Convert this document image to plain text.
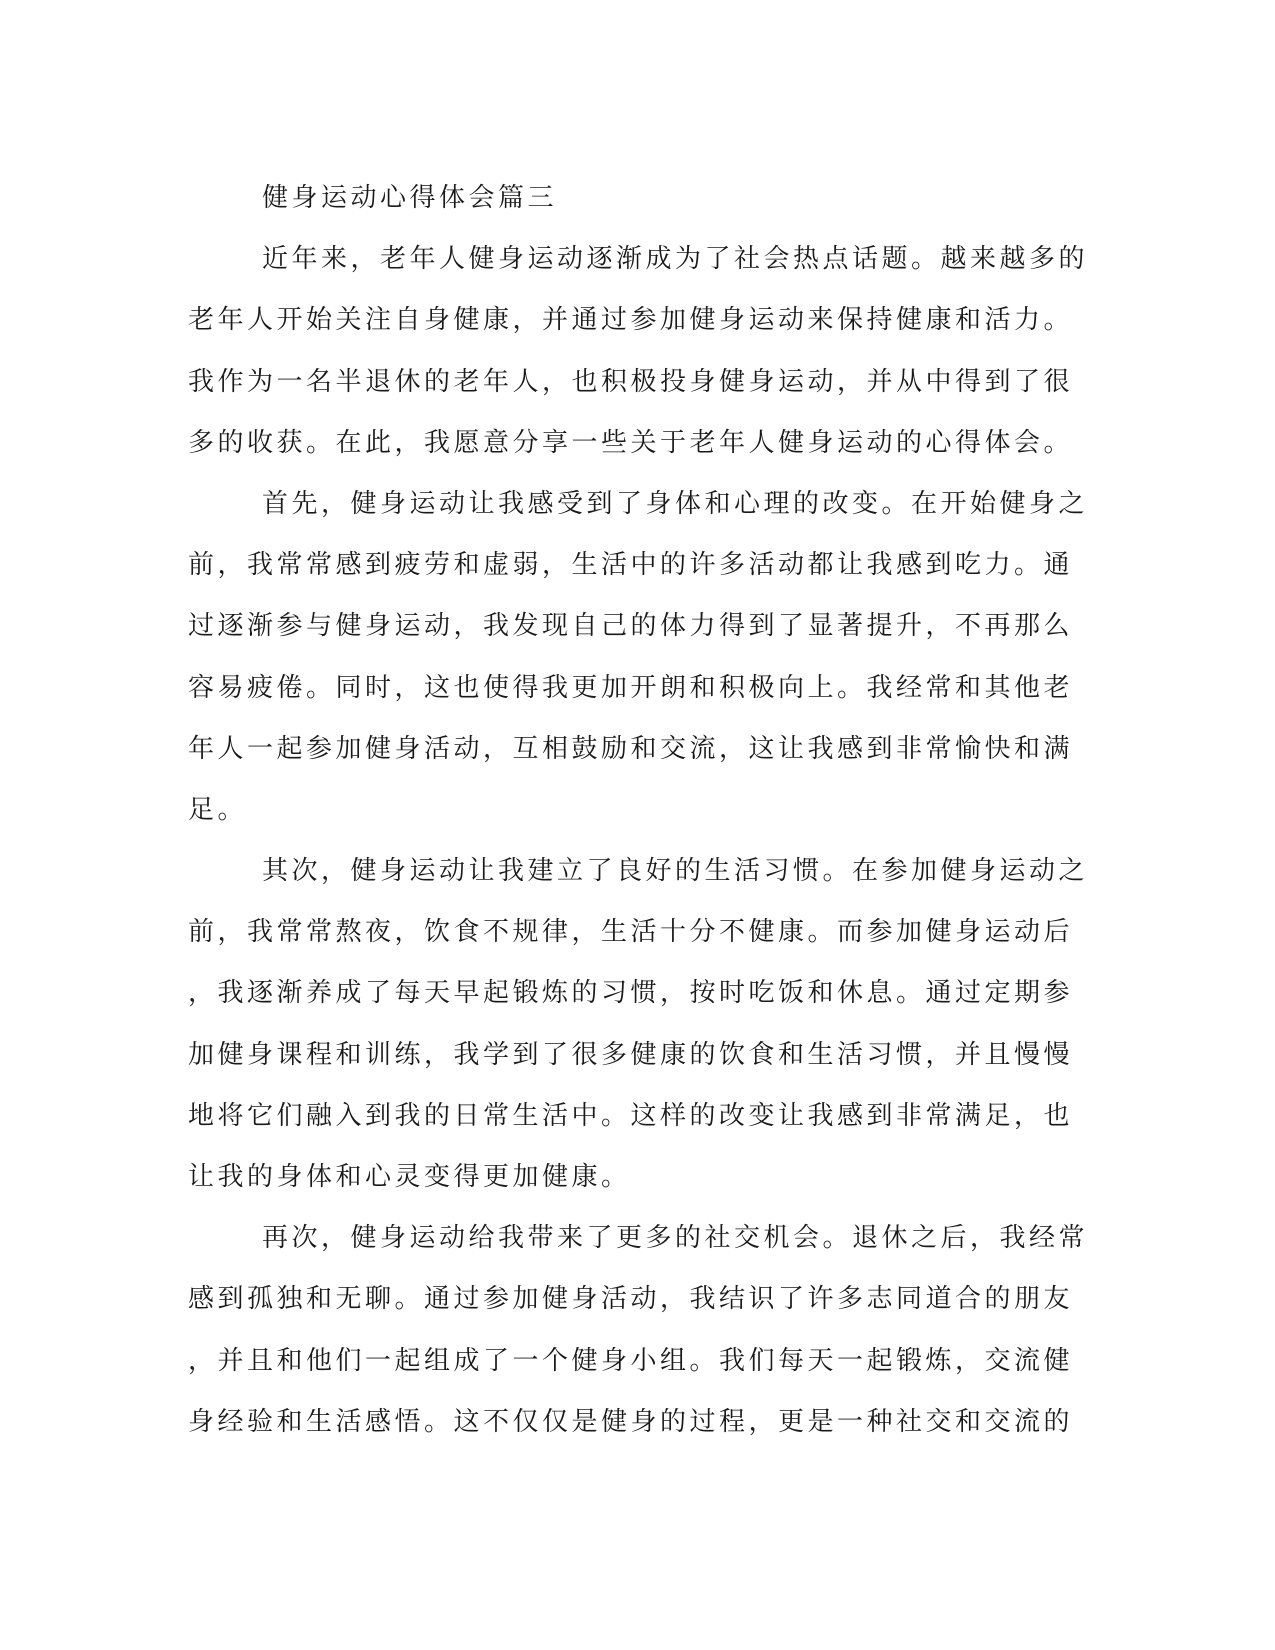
健身运动心得体会篇三
近年来，老年人健身运动逐渐成为了社会热点话题。越来越多的
老年人开始关注自身健康，并通过参加健身运动来保持健康和活力。
我作为一名半退休的老年人，也积极投身健身运动，并从中得到了很
多的收获。在此，我愿意分享一些关于老年人健身运动的心得体会。
首先，健身运动让我感受到了身体和心理的改变。在开始健身之
前，我常常感到疲劳和虚弱，生活中的许多活动都让我感到吃力。通
过逐渐参与健身运动，我发现自己的体力得到了显著提升，不再那么
容易疲倦。同时，这也使得我更加开朗和积极向上。我经常和其他老
年人一起参加健身活动，互相鼓励和交流，这让我感到非常愉快和满
足。
其次，健身运动让我建立了良好的生活习惯。在参加健身运动之
前，我常常熬夜，饮食不规律，生活十分不健康。而参加健身运动后
，我逐渐养成了每天早起锻炼的习惯，按时吃饭和休息。通过定期参
加健身课程和训练，我学到了很多健康的饮食和生活习惯，并且慢慢
地将它们融入到我的日常生活中。这样的改变让我感到非常满足，也
让我的身体和心灵变得更加健康。
再次，健身运动给我带来了更多的社交机会。退休之后，我经常
感到孤独和无聊。通过参加健身活动，我结识了许多志同道合的朋友
，并且和他们一起组成了一个健身小组。我们每天一起锻炼，交流健
身经验和生活感悟。这不仅仅是健身的过程，更是一种社交和交流的
